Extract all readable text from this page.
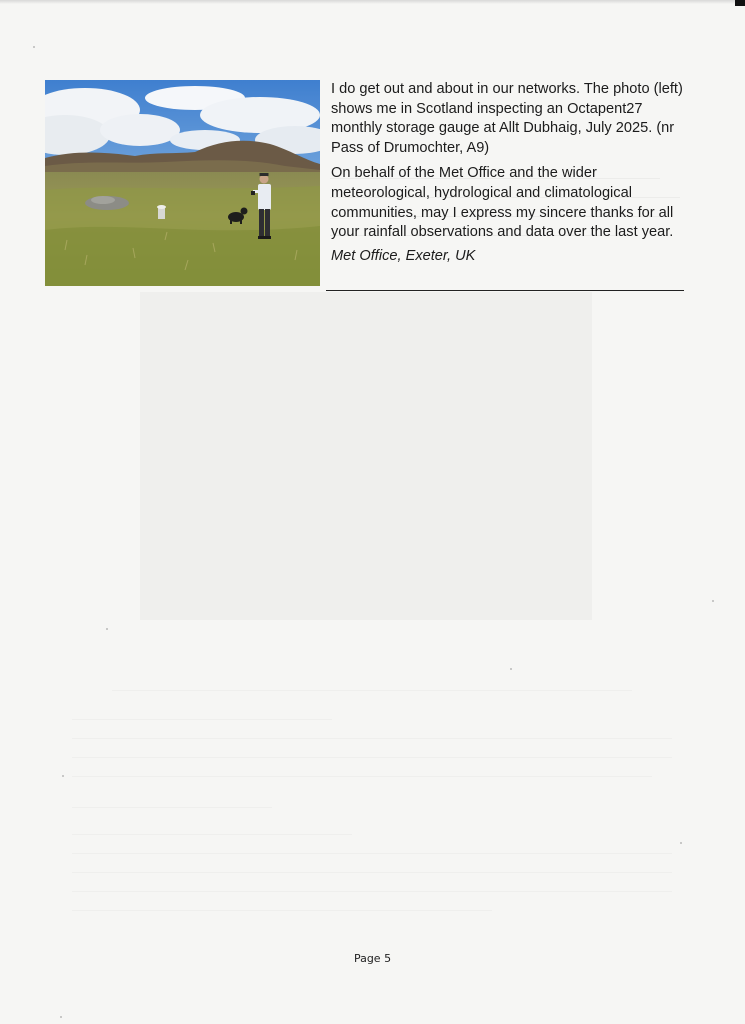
I do get out and about in our networks. The photo (left) shows me in Scotland inspecting an Octapent27 monthly storage gauge at Allt Dubhaig, July 2025. (nr Pass of Drumochter, A9)

On behalf of the Met Office and the wider meteorological, hydrological and climatological communities, may I express my sincere thanks for all your rainfall observations and data over the last year.

Met Office, Exeter, UK

Page 5
